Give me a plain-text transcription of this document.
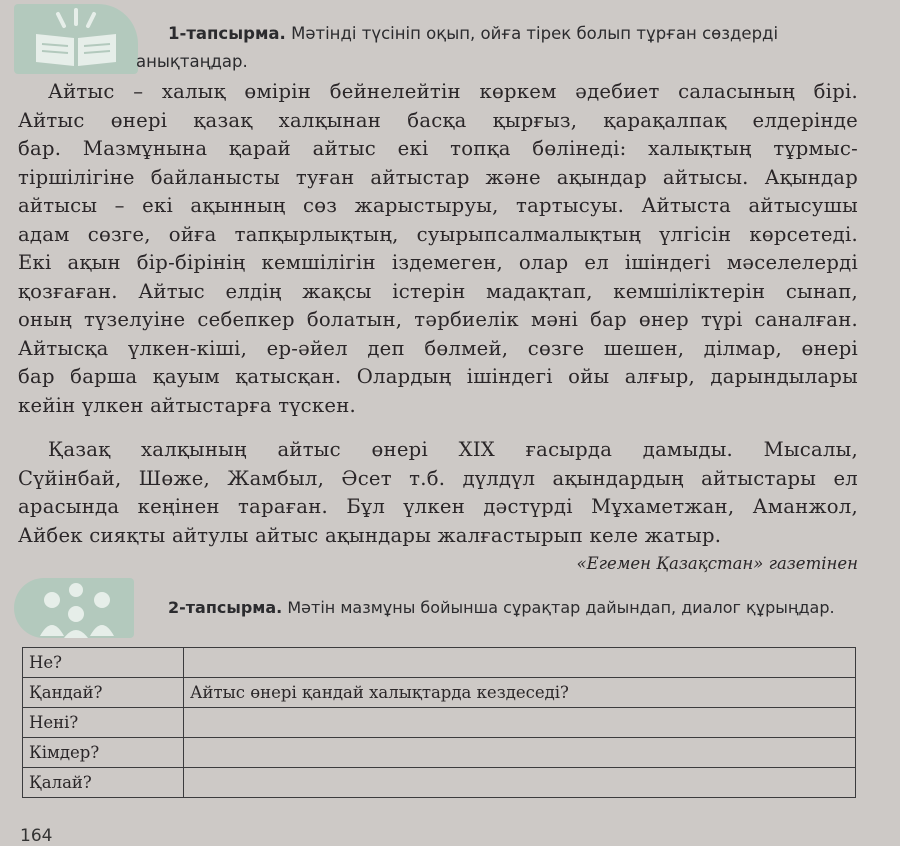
1-тапсырма. Мәтінді түсініп оқып, ойға тірек болып тұрған сөздерді
анықтаңдар.
Айтыс – халық өмірін бейнелейтін көркем әдебиет саласының бірі.
Айтыс өнері қазақ халқынан басқа қырғыз, қарақалпақ елдерінде
бар. Мазмұнына қарай айтыс екі топқа бөлінеді: халықтың тұрмыс-
тіршілігіне байланысты туған айтыстар және ақындар айтысы. Ақындар
айтысы – екі ақынның сөз жарыстыруы, тартысуы. Айтыста айтысушы
адам сөзге, ойға тапқырлықтың, суырыпсалмалықтың үлгісін көрсетеді.
Екі ақын бір-бірінің кемшілігін іздемеген, олар ел ішіндегі мәселелерді
қозғаған. Айтыс елдің жақсы істерін мадақтап, кемшіліктерін сынап,
оның түзелуіне себепкер болатын, тәрбиелік мәні бар өнер түрі саналған.
Айтысқа үлкен-кіші, ер-әйел деп бөлмей, сөзге шешен, ділмар, өнері
бар барша қауым қатысқан. Олардың ішіндегі ойы алғыр, дарындылары
кейін үлкен айтыстарға түскен.
Қазақ халқының айтыс өнері XIX ғасырда дамыды. Мысалы,
Сүйінбай, Шөже, Жамбыл, Әсет т.б. дүлдүл ақындардың айтыстары ел
арасында кеңінен тараған. Бұл үлкен дәстүрді Мұхаметжан, Аманжол,
Айбек сияқты айтулы айтыс ақындары жалғастырып келе жатыр.
«Егемен Қазақстан» газетінен
2-тапсырма. Мәтін мазмұны бойынша сұрақтар дайындап, диалог құрыңдар.
Не?	
Қандай?	Айтыс өнері қандай халықтарда кездеседі?
Нені?	
Кімдер?	
Қалай?	
164
